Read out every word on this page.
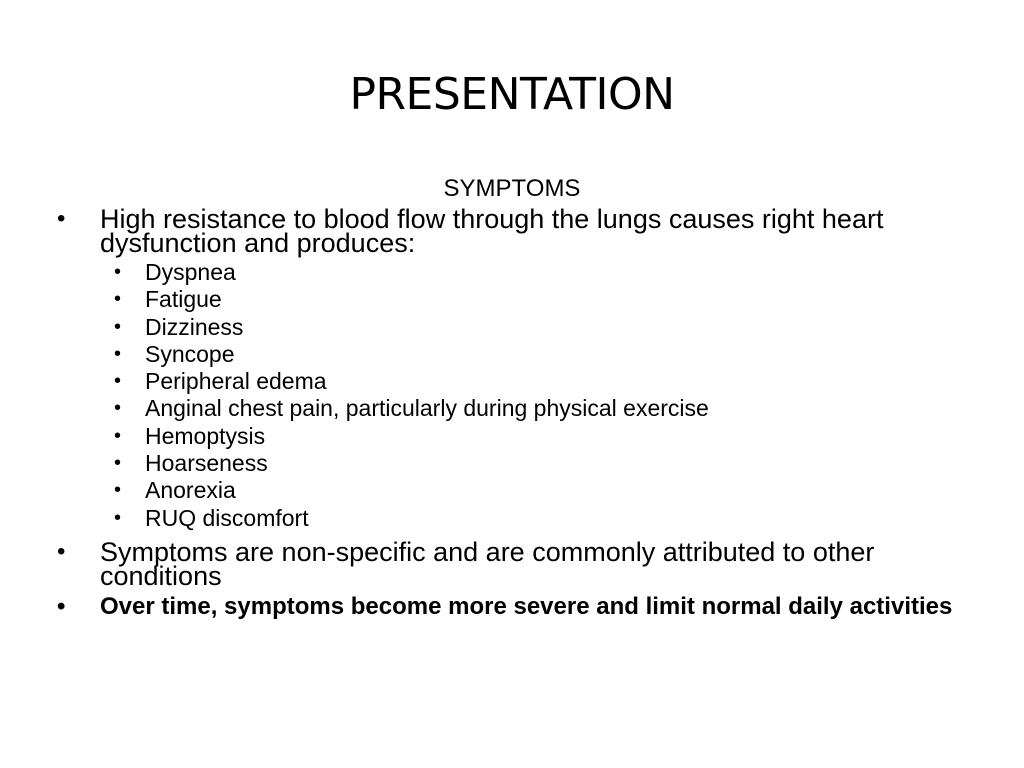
PRESENTATION
SYMPTOMS
• High resistance to blood flow through the lungs causes right heart dysfunction and produces:
• Dyspnea
• Fatigue
• Dizziness
• Syncope
• Peripheral edema
• Anginal chest pain, particularly during physical exercise
• Hemoptysis
• Hoarseness
• Anorexia
• RUQ discomfort
• Symptoms are non-specific and are commonly attributed to other conditions
• Over time, symptoms become more severe and limit normal daily activities
